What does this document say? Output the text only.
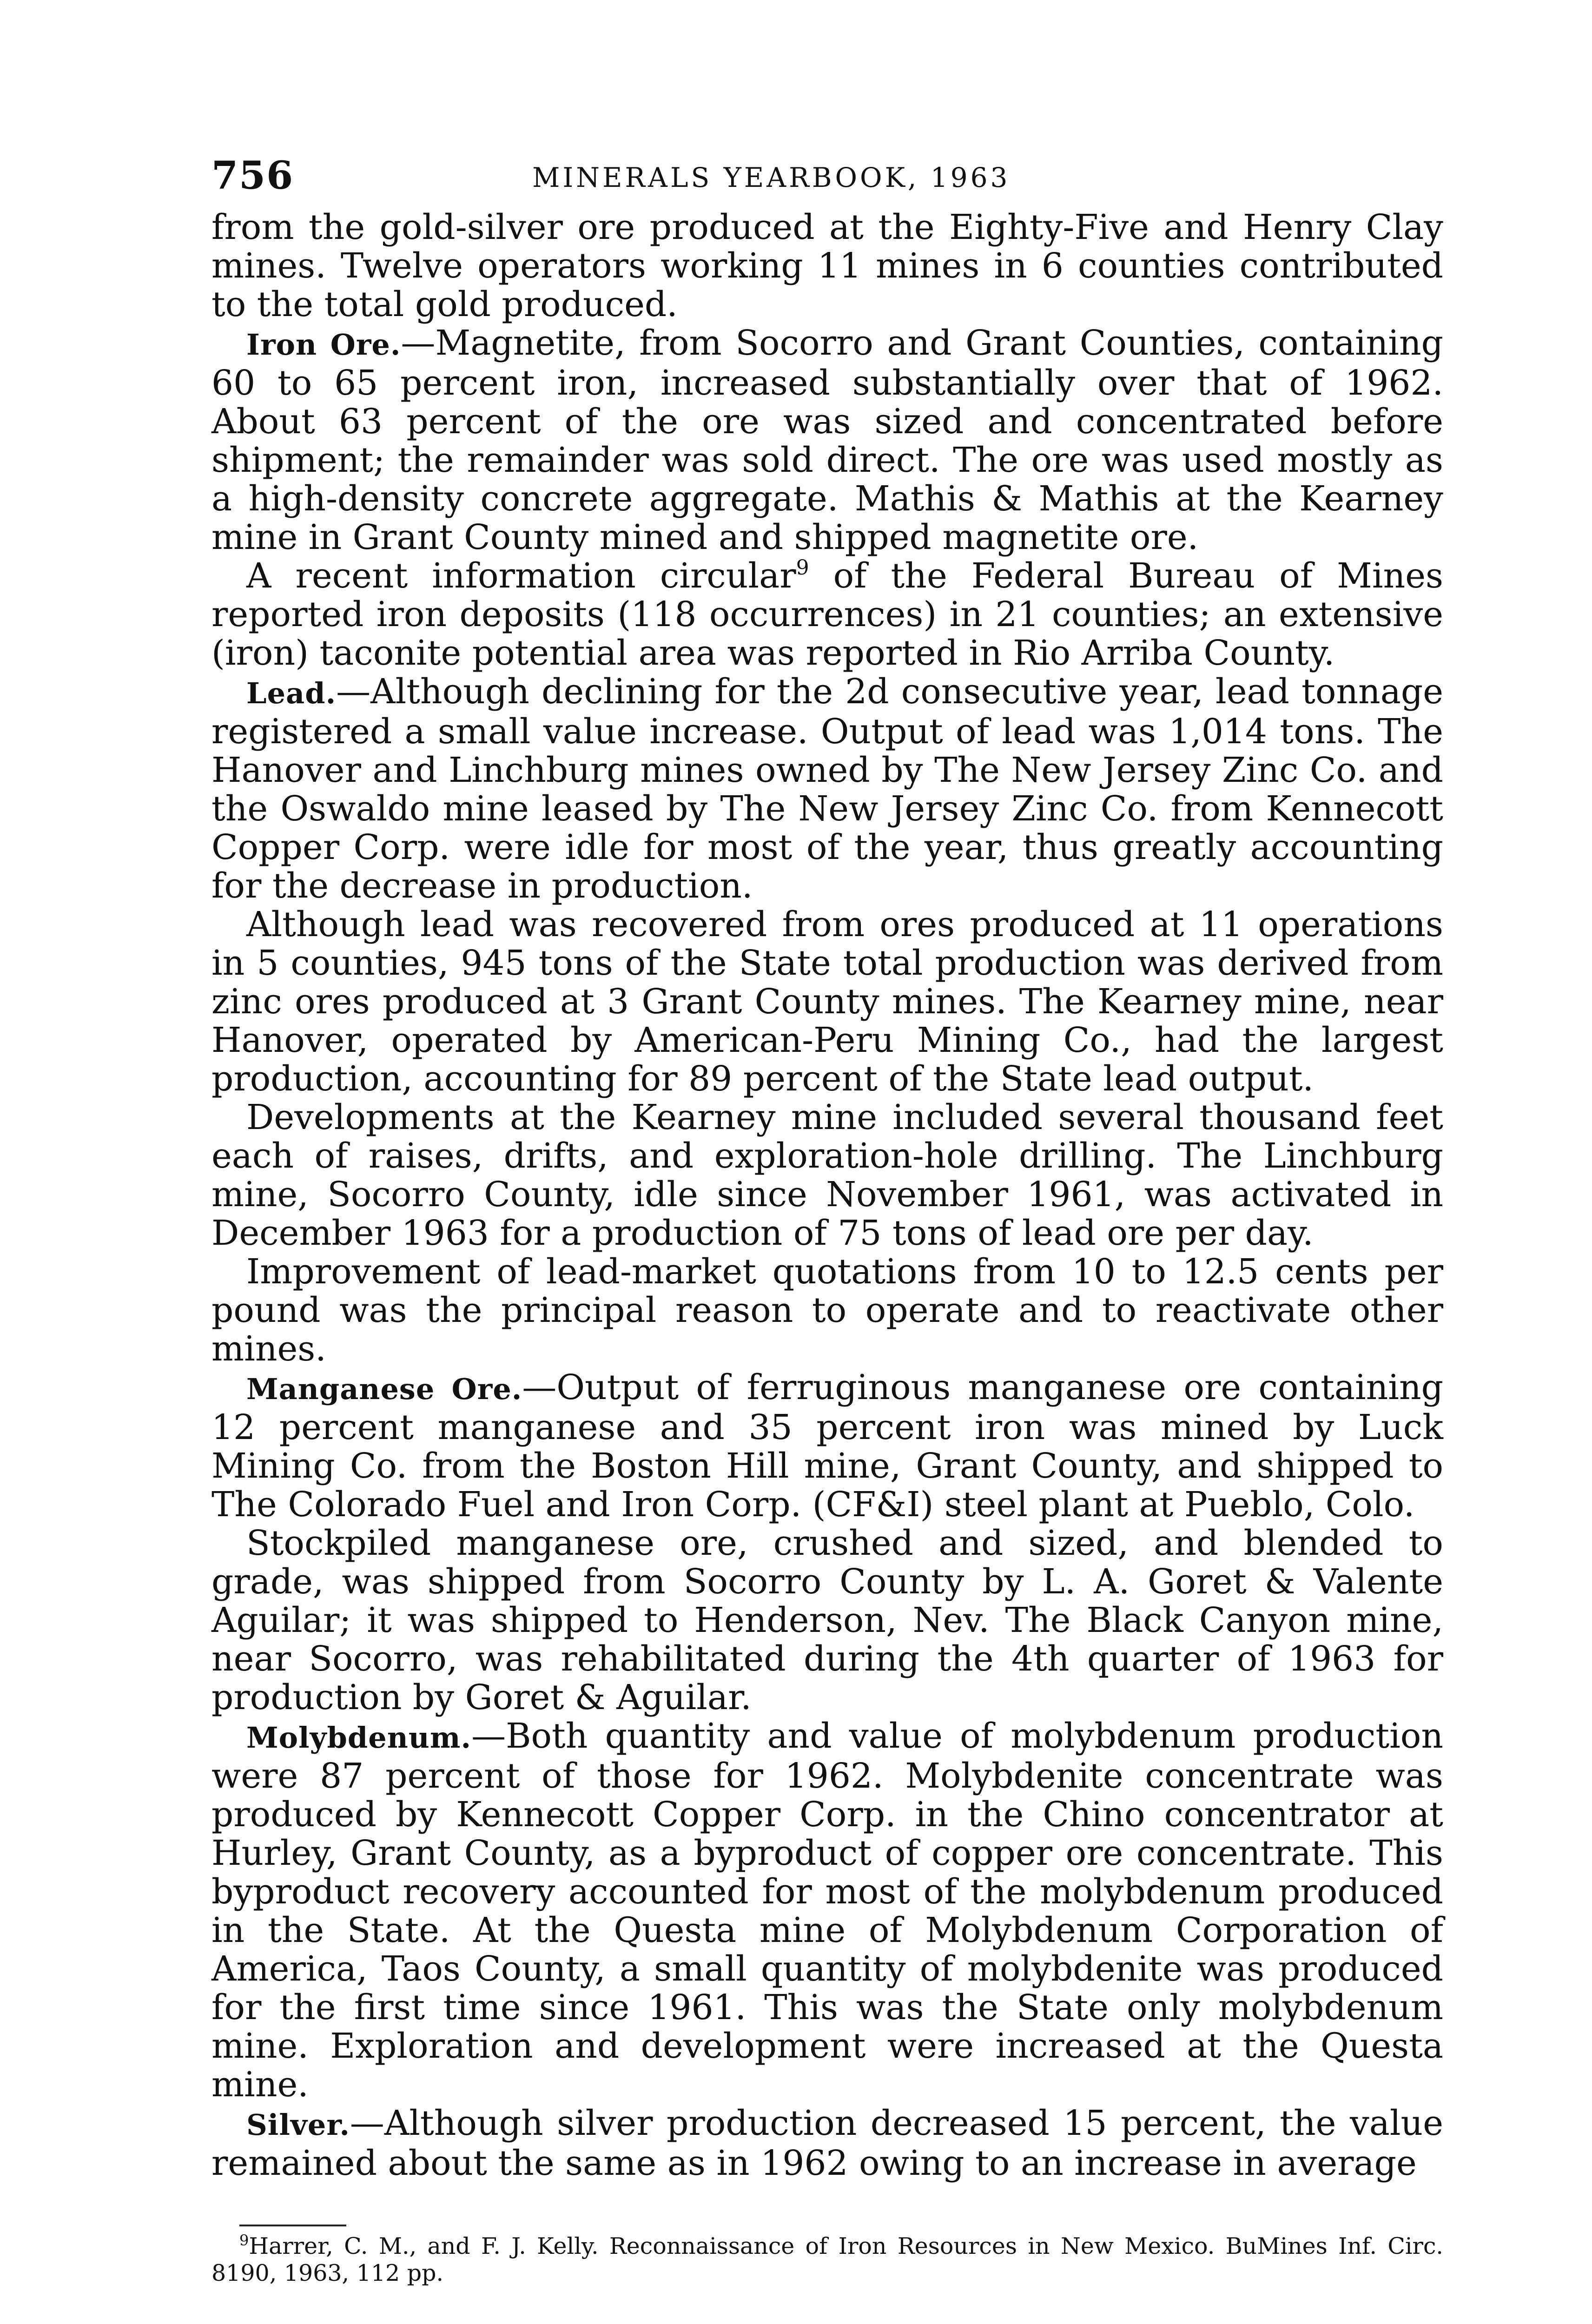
756	MINERALS YEARBOOK, 1963

from the gold-silver ore produced at the Eighty-Five and Henry Clay mines. Twelve operators working 11 mines in 6 counties contributed to the total gold produced.

Iron Ore.—Magnetite, from Socorro and Grant Counties, containing 60 to 65 percent iron, increased substantially over that of 1962. About 63 percent of the ore was sized and concentrated before shipment; the remainder was sold direct. The ore was used mostly as a high-density concrete aggregate. Mathis & Mathis at the Kearney mine in Grant County mined and shipped magnetite ore.

A recent information circular$^9$ of the Federal Bureau of Mines reported iron deposits (118 occurrences) in 21 counties; an extensive (iron) taconite potential area was reported in Rio Arriba County.

Lead.—Although declining for the 2d consecutive year, lead tonnage registered a small value increase. Output of lead was 1,014 tons. The Hanover and Linchburg mines owned by The New Jersey Zinc Co. and the Oswaldo mine leased by The New Jersey Zinc Co. from Kennecott Copper Corp. were idle for most of the year, thus greatly accounting for the decrease in production.

Although lead was recovered from ores produced at 11 operations in 5 counties, 945 tons of the State total production was derived from zinc ores produced at 3 Grant County mines. The Kearney mine, near Hanover, operated by American-Peru Mining Co., had the largest production, accounting for 89 percent of the State lead output.

Developments at the Kearney mine included several thousand feet each of raises, drifts, and exploration-hole drilling. The Linchburg mine, Socorro County, idle since November 1961, was activated in December 1963 for a production of 75 tons of lead ore per day.

Improvement of lead-market quotations from 10 to 12.5 cents per pound was the principal reason to operate and to reactivate other mines.

Manganese Ore.—Output of ferruginous manganese ore containing 12 percent manganese and 35 percent iron was mined by Luck Mining Co. from the Boston Hill mine, Grant County, and shipped to The Colorado Fuel and Iron Corp. (CF&I) steel plant at Pueblo, Colo.

Stockpiled manganese ore, crushed and sized, and blended to grade, was shipped from Socorro County by L. A. Goret & Valente Aguilar; it was shipped to Henderson, Nev. The Black Canyon mine, near Socorro, was rehabilitated during the 4th quarter of 1963 for production by Goret & Aguilar.

Molybdenum.—Both quantity and value of molybdenum production were 87 percent of those for 1962. Molybdenite concentrate was produced by Kennecott Copper Corp. in the Chino concentrator at Hurley, Grant County, as a byproduct of copper ore concentrate. This byproduct recovery accounted for most of the molybdenum produced in the State. At the Questa mine of Molybdenum Corporation of America, Taos County, a small quantity of molybdenite was produced for the first time since 1961. This was the State only molybdenum mine. Exploration and development were increased at the Questa mine.

Silver.—Although silver production decreased 15 percent, the value remained about the same as in 1962 owing to an increase in average

$^9$Harrer, C. M., and F. J. Kelly. Reconnaissance of Iron Resources in New Mexico. BuMines Inf. Circ. 8190, 1963, 112 pp.
